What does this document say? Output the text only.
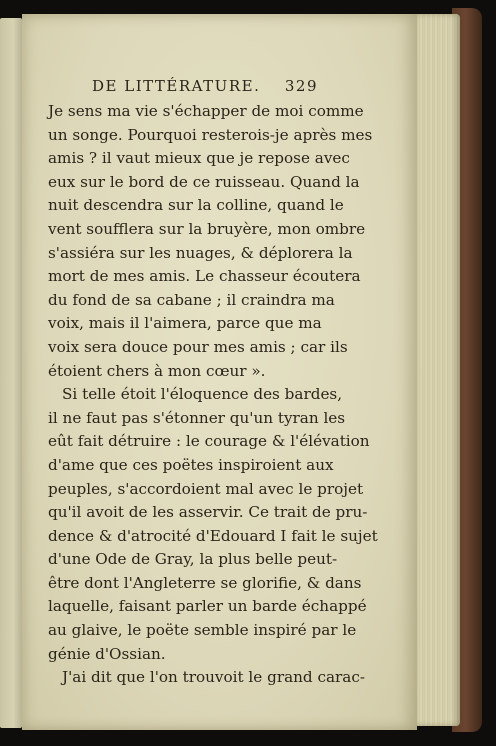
DE LITTÉRATURE. 329
Je sens ma vie s'échapper de moi comme
un songe. Pourquoi resterois-je après mes
amis ? il vaut mieux que je repose avec
eux sur le bord de ce ruisseau. Quand la
nuit descendra sur la colline, quand le
vent soufflera sur la bruyère, mon ombre
s'assiéra sur les nuages, & déplorera la
mort de mes amis. Le chasseur écoutera
du fond de sa cabane ; il craindra ma
voix, mais il l'aimera, parce que ma
voix sera douce pour mes amis ; car ils
étoient chers à mon cœur ».
Si telle étoit l'éloquence des bardes,
il ne faut pas s'étonner qu'un tyran les
eût fait détruire : le courage & l'élévation
d'ame que ces poëtes inspiroient aux
peuples, s'accordoient mal avec le projet
qu'il avoit de les asservir. Ce trait de pru-
dence & d'atrocité d'Edouard I fait le sujet
d'une Ode de Gray, la plus belle peut-
être dont l'Angleterre se glorifie, & dans
laquelle, faisant parler un barde échappé
au glaive, le poëte semble inspiré par le
génie d'Ossian.
J'ai dit que l'on trouvoit le grand carac-
